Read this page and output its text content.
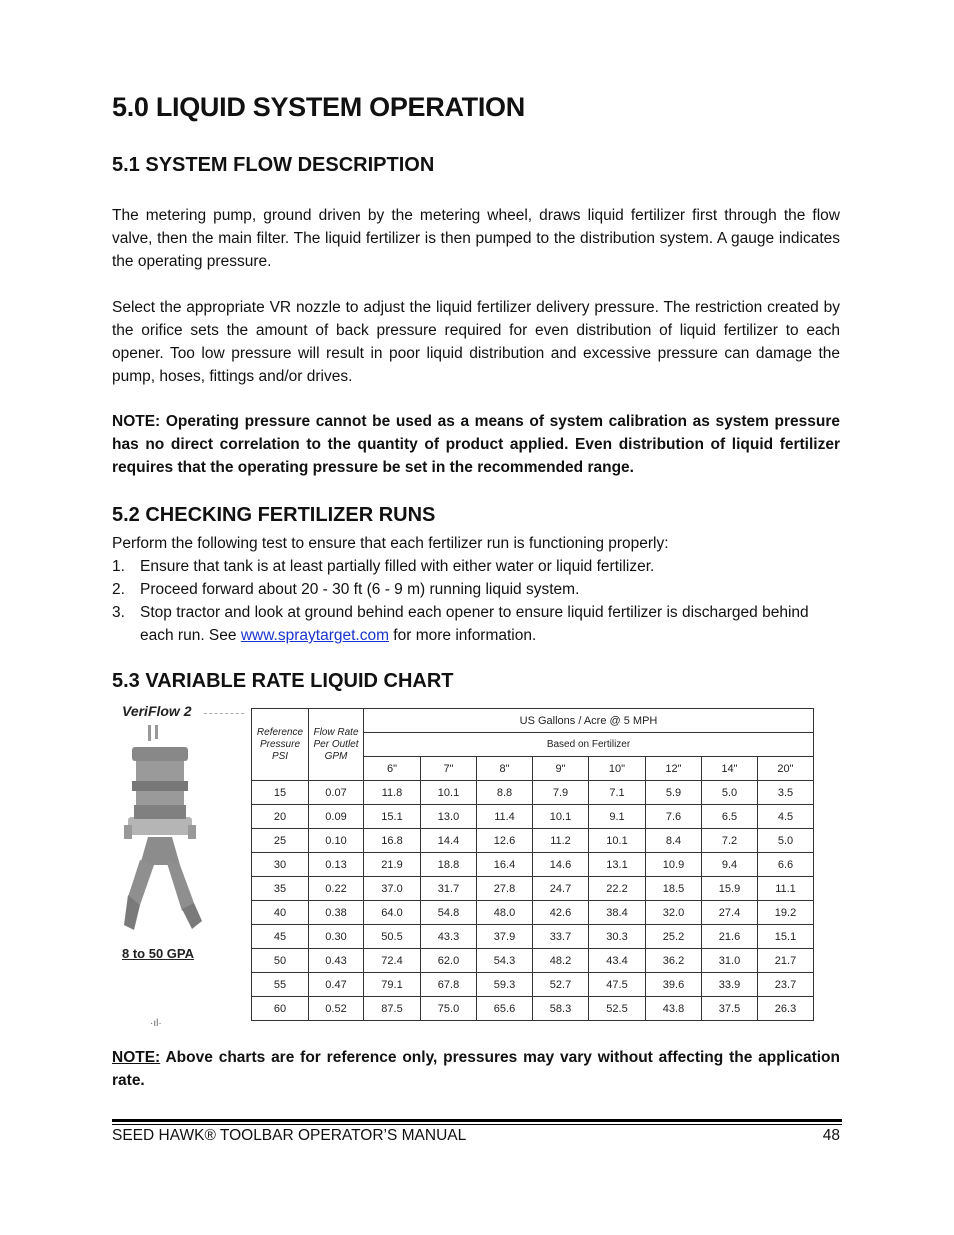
5.0 LIQUID SYSTEM OPERATION
5.1 SYSTEM FLOW DESCRIPTION

The metering pump, ground driven by the metering wheel, draws liquid fertilizer first through the flow valve, then the main filter. The liquid fertilizer is then pumped to the distribution system. A gauge indicates the operating pressure.

Select the appropriate VR nozzle to adjust the liquid fertilizer delivery pressure. The restriction created by the orifice sets the amount of back pressure required for even distribution of liquid fertilizer to each opener. Too low pressure will result in poor liquid distribution and excessive pressure can damage the pump, hoses, fittings and/or drives.

NOTE: Operating pressure cannot be used as a means of system calibration as system pressure has no direct correlation to the quantity of product applied. Even distribution of liquid fertilizer requires that the operating pressure be set in the recommended range.

5.2 CHECKING FERTILIZER RUNS

Perform the following test to ensure that each fertilizer run is functioning properly:

1. Ensure that tank is at least partially filled with either water or liquid fertilizer.
2. Proceed forward about 20 - 30 ft (6 - 9 m) running liquid system.
3. Stop tractor and look at ground behind each opener to ensure liquid fertilizer is discharged behind each run. See www.spraytarget.com for more information.
5.3 VARIABLE RATE LIQUID CHART
VeriFlow 2
8 to 50 GPA
·ıl·
Reference Pressure PSI	Flow Rate Per Outlet GPM	US Gallons / Acre @ 5 MPH							
		Based on Fertilizer							
		6"	7"	8"	9"	10"	12"	14"	20"
15	0.07	11.8	10.1	8.8	7.9	7.1	5.9	5.0	3.5
20	0.09	15.1	13.0	11.4	10.1	9.1	7.6	6.5	4.5
25	0.10	16.8	14.4	12.6	11.2	10.1	8.4	7.2	5.0
30	0.13	21.9	18.8	16.4	14.6	13.1	10.9	9.4	6.6
35	0.22	37.0	31.7	27.8	24.7	22.2	18.5	15.9	11.1
40	0.38	64.0	54.8	48.0	42.6	38.4	32.0	27.4	19.2
45	0.30	50.5	43.3	37.9	33.7	30.3	25.2	21.6	15.1
50	0.43	72.4	62.0	54.3	48.2	43.4	36.2	31.0	21.7
55	0.47	79.1	67.8	59.3	52.7	47.5	39.6	33.9	23.7
60	0.52	87.5	75.0	65.6	58.3	52.5	43.8	37.5	26.3

NOTE: Above charts are for reference only, pressures may vary without affecting the application rate.

SEED HAWK® TOOLBAR OPERATOR’S MANUAL	48
